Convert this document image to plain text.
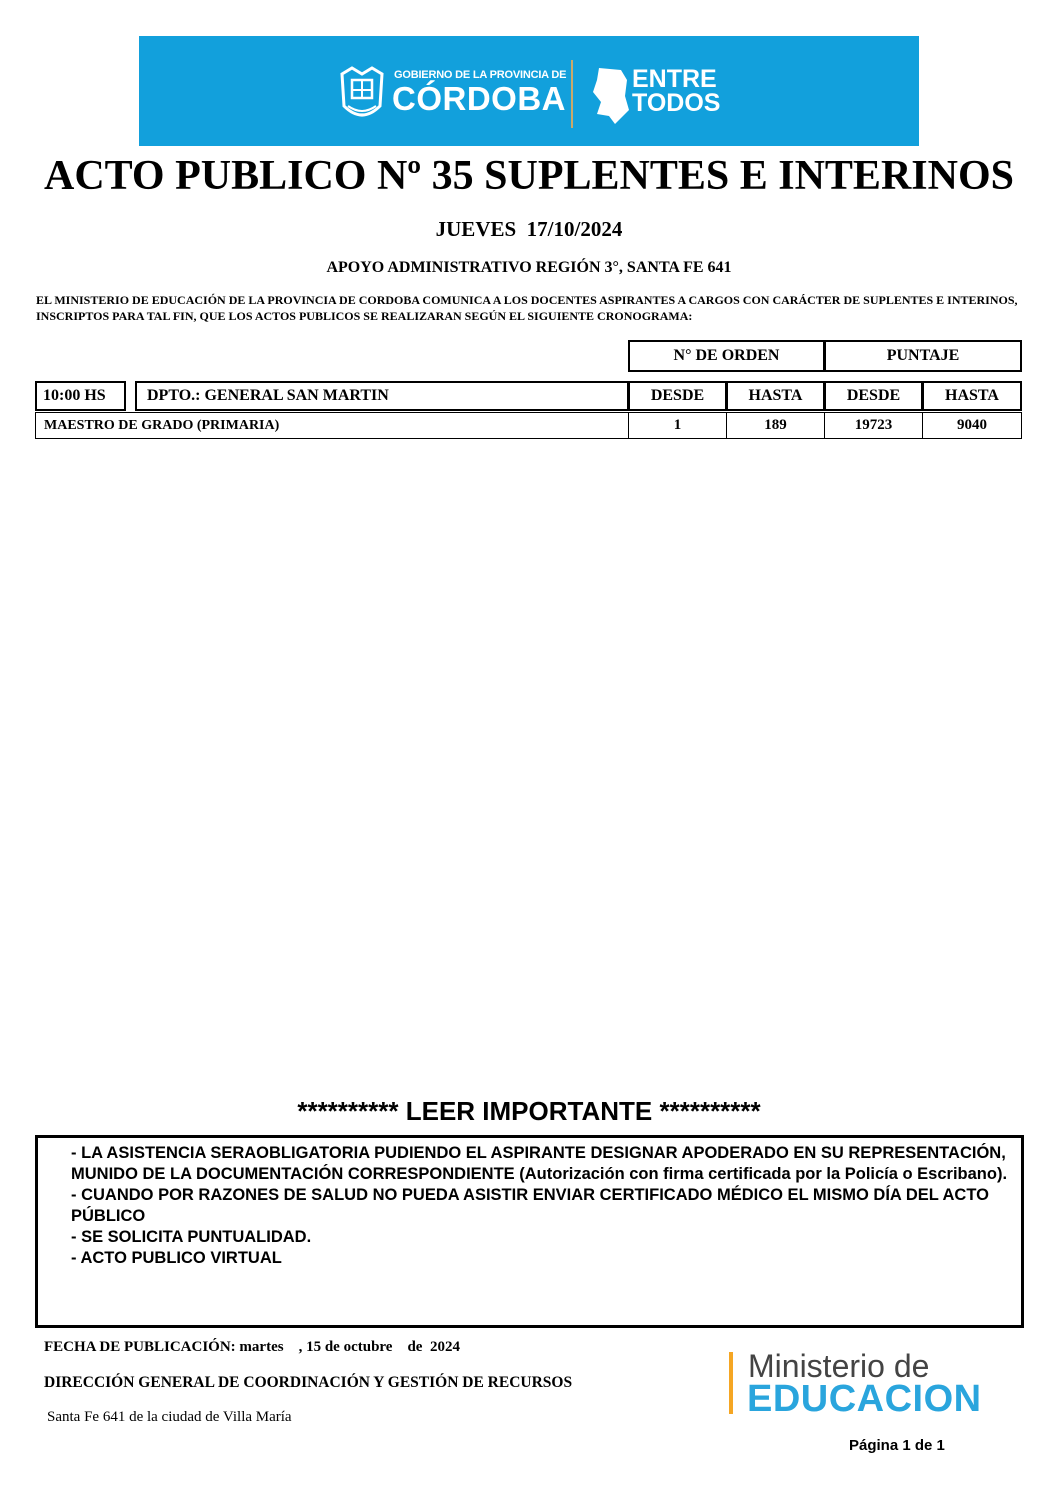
GOBIERNO DE LA PROVINCIA DE
CÓRDOBA
ENTRE
TODOS
ACTO PUBLICO Nº 35 SUPLENTES E INTERINOS
JUEVES  17/10/2024
APOYO ADMINISTRATIVO REGIÓN 3°, SANTA FE 641
EL MINISTERIO DE EDUCACIÓN DE LA PROVINCIA DE CORDOBA COMUNICA A LOS DOCENTES ASPIRANTES A CARGOS CON CARÁCTER DE SUPLENTES E INTERINOS, INSCRIPTOS PARA TAL FIN, QUE LOS ACTOS PUBLICOS SE REALIZARAN SEGÚN EL SIGUIENTE CRONOGRAMA:
N° DE ORDEN	PUNTAJE
10:00 HS	DPTO.: GENERAL SAN MARTIN	DESDE	HASTA	DESDE	HASTA
MAESTRO DE GRADO (PRIMARIA)	1	189	19723	9040
********** LEER IMPORTANTE **********
- LA ASISTENCIA SERAOBLIGATORIA PUDIENDO EL ASPIRANTE DESIGNAR APODERADO EN SU REPRESENTACIÓN, MUNIDO DE LA DOCUMENTACIÓN CORRESPONDIENTE (Autorización con firma certificada por la Policía o Escribano).
- CUANDO POR RAZONES DE SALUD NO PUEDA ASISTIR ENVIAR CERTIFICADO MÉDICO EL MISMO DÍA DEL ACTO PÚBLICO
- SE SOLICITA PUNTUALIDAD.
- ACTO PUBLICO VIRTUAL
FECHA DE PUBLICACIÓN: martes    , 15 de octubre    de  2024
DIRECCIÓN GENERAL DE COORDINACIÓN Y GESTIÓN DE RECURSOS
Santa Fe 641 de la ciudad de Villa María
Ministerio de
EDUCACION
Página 1 de 1
